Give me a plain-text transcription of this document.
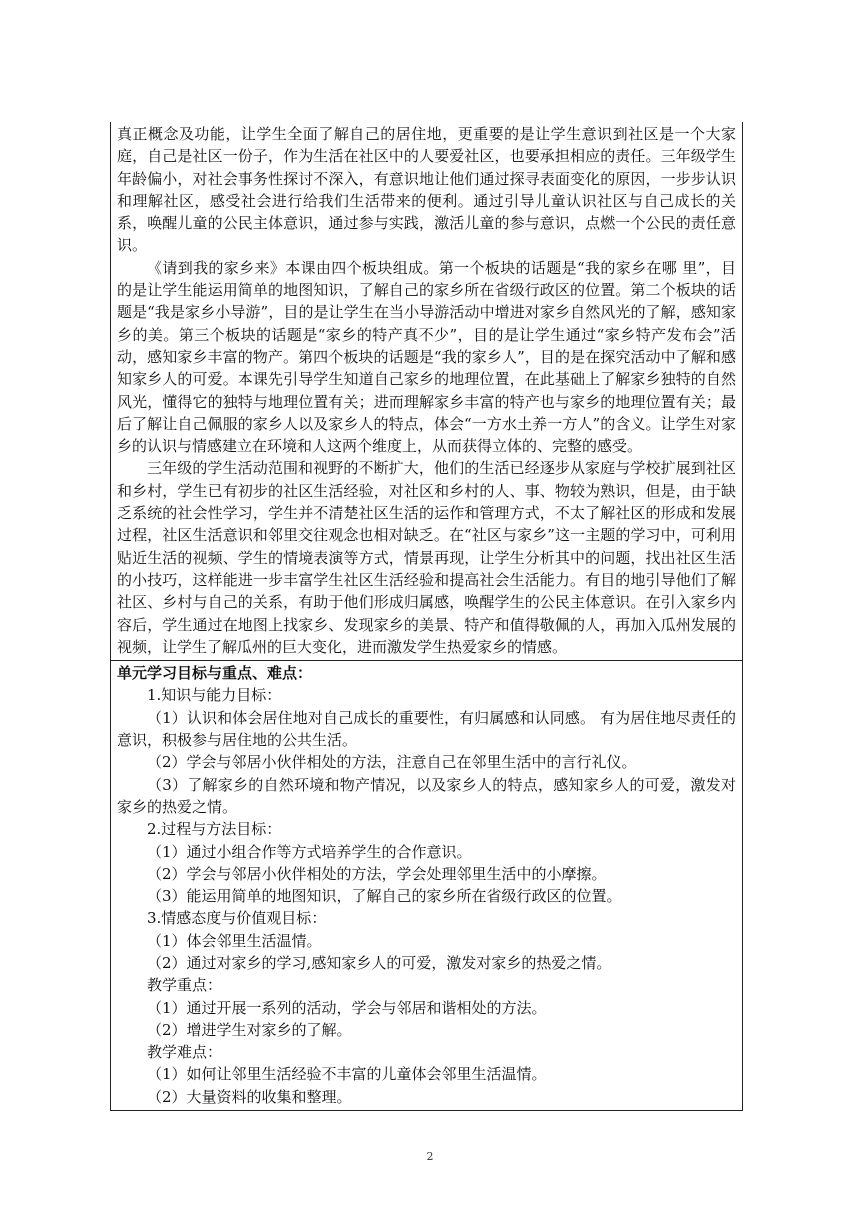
真正概念及功能，让学生全面了解自己的居住地，更重要的是让学生意识到社区是一个大家庭，自己是社区一份子，作为生活在社区中的人要爱社区，也要承担相应的责任。三年级学生年龄偏小，对社会事务性探讨不深入，有意识地让他们通过探寻表面变化的原因，一步步认识和理解社区，感受社会进行给我们生活带来的便利。通过引导儿童认识社区与自己成长的关系，唤醒儿童的公民主体意识，通过参与实践，激活儿童的参与意识，点燃一个公民的责任意识。

《请到我的家乡来》本课由四个板块组成。第一个板块的话题是“我的家乡在哪 里”，目的是让学生能运用简单的地图知识，了解自己的家乡所在省级行政区的位置。第二个板块的话题是“我是家乡小导游”，目的是让学生在当小导游活动中增进对家乡自然风光的了解，感知家乡的美。第三个板块的话题是“家乡的特产真不少”，目的是让学生通过“家乡特产发布会”活动，感知家乡丰富的物产。第四个板块的话题是“我的家乡人”，目的是在探究活动中了解和感知家乡人的可爱。本课先引导学生知道自己家乡的地理位置，在此基础上了解家乡独特的自然风光，懂得它的独特与地理位置有关；进而理解家乡丰富的特产也与家乡的地理位置有关；最后了解让自己佩服的家乡人以及家乡人的特点，体会“一方水土养一方人”的含义。让学生对家乡的认识与情感建立在环境和人这两个维度上，从而获得立体的、完整的感受。

三年级的学生活动范围和视野的不断扩大，他们的生活已经逐步从家庭与学校扩展到社区和乡村，学生已有初步的社区生活经验，对社区和乡村的人、事、物较为熟识，但是，由于缺乏系统的社会性学习，学生并不清楚社区生活的运作和管理方式，不太了解社区的形成和发展过程，社区生活意识和邻里交往观念也相对缺乏。在“社区与家乡”这一主题的学习中，可利用贴近生活的视频、学生的情境表演等方式，情景再现，让学生分析其中的问题，找出社区生活的小技巧，这样能进一步丰富学生社区生活经验和提高社会生活能力。有目的地引导他们了解社区、乡村与自己的关系，有助于他们形成归属感，唤醒学生的公民主体意识。在引入家乡内容后，学生通过在地图上找家乡、发现家乡的美景、特产和值得敬佩的人，再加入瓜州发展的视频，让学生了解瓜州的巨大变化，进而激发学生热爱家乡的情感。

单元学习目标与重点、难点：

1.知识与能力目标：

（1）认识和体会居住地对自己成长的重要性，有归属感和认同感。 有为居住地尽责任的意识，积极参与居住地的公共生活。

（2）学会与邻居小伙伴相处的方法，注意自己在邻里生活中的言行礼仪。

（3）了解家乡的自然环境和物产情况，以及家乡人的特点，感知家乡人的可爱，激发对家乡的热爱之情。

2.过程与方法目标：

（1）通过小组合作等方式培养学生的合作意识。

（2）学会与邻居小伙伴相处的方法，学会处理邻里生活中的小摩擦。

（3）能运用简单的地图知识，了解自己的家乡所在省级行政区的位置。

3.情感态度与价值观目标：

（1）体会邻里生活温情。

（2）通过对家乡的学习,感知家乡人的可爱，激发对家乡的热爱之情。

教学重点：

（1）通过开展一系列的活动，学会与邻居和谐相处的方法。

（2）增进学生对家乡的了解。

教学难点：

（1）如何让邻里生活经验不丰富的儿童体会邻里生活温情。

（2）大量资料的收集和整理。

2
